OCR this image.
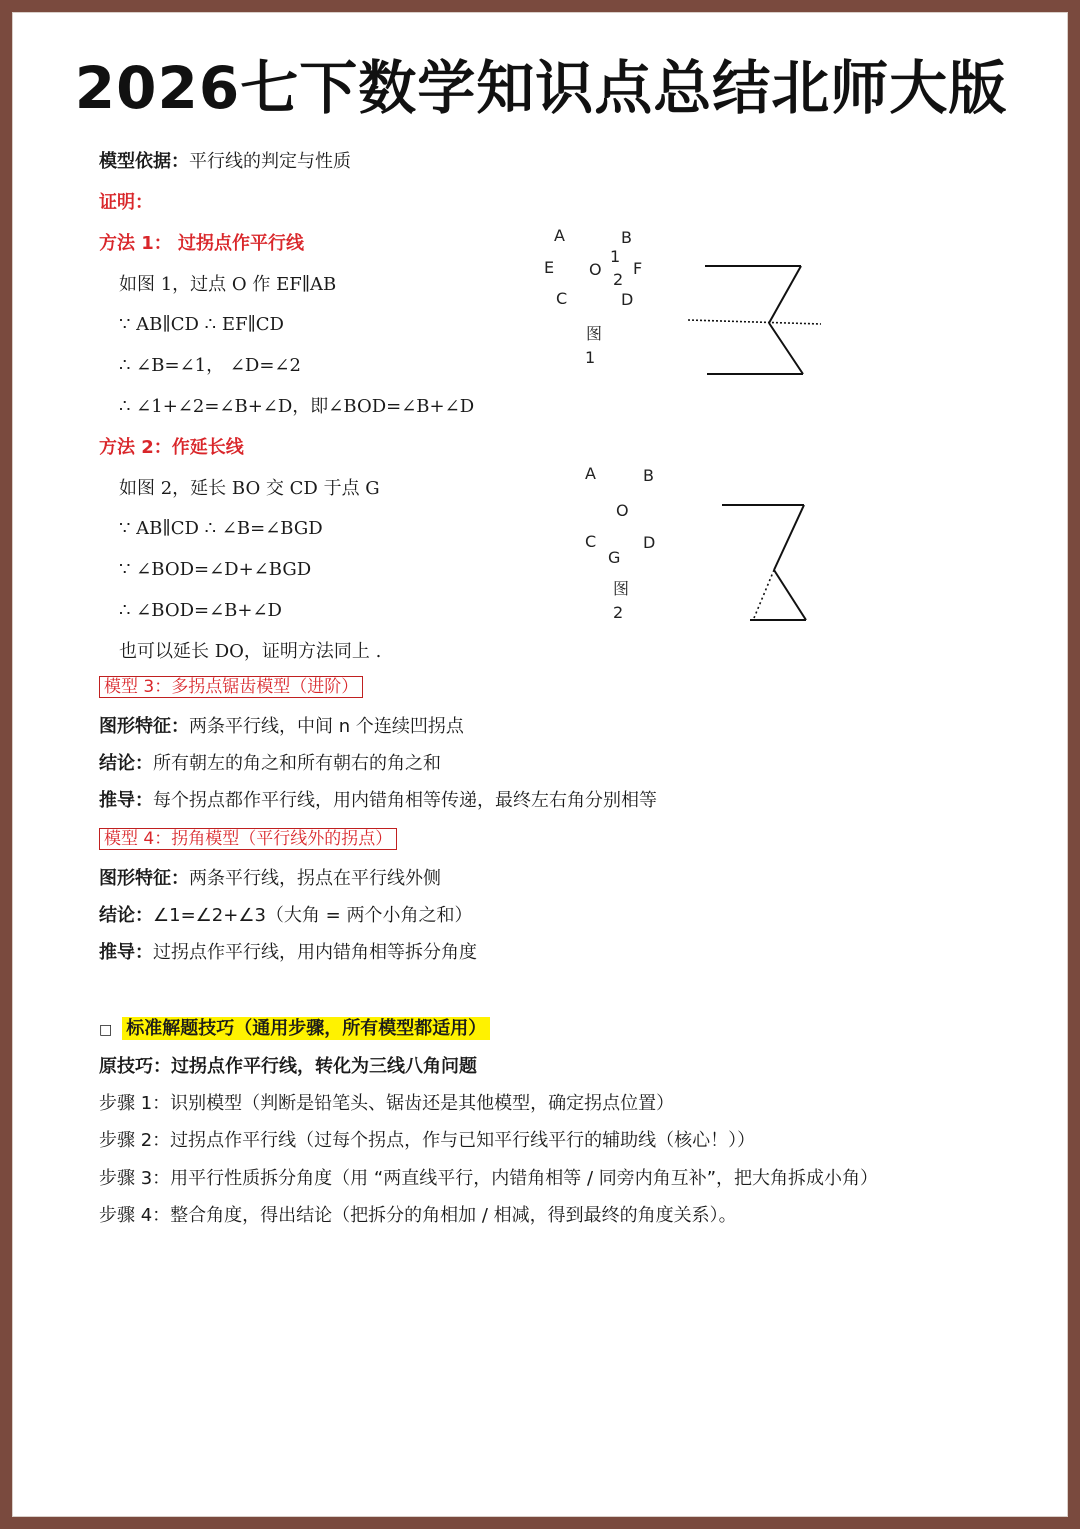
2026七下数学知识点总结北师大版
模型依据：平行线的判定与性质
证明：
方法 1： 过拐点作平行线
如图 1，过点 O 作 EF∥AB
∵ AB∥CD ∴ EF∥CD
∴ ∠B=∠1， ∠D=∠2
∴ ∠1+∠2=∠B+∠D，即∠BOD=∠B+∠D
方法 2：作延长线
如图 2，延长 BO 交 CD 于点 G
∵ AB∥CD ∴ ∠B=∠BGD
∵ ∠BOD=∠D+∠BGD
∴ ∠BOD=∠B+∠D
也可以延长 DO，证明方法同上 .
A	B
E O
1
2
F
C	D
图
1
A	B
O
C	D
G
图
2
模型 3：多拐点锯齿模型（进阶）
图形特征：两条平行线，中间 n 个连续凹拐点
结论：所有朝左的角之和所有朝右的角之和
推导：每个拐点都作平行线，用内错角相等传递，最终左右角分别相等
模型 4：拐角模型（平行线外的拐点）
图形特征：两条平行线，拐点在平行线外侧
结论：∠1=∠2+∠3（大角 = 两个小角之和）
推导：过拐点作平行线，用内错角相等拆分角度
□ 标准解题技巧（通用步骤，所有模型都适用）
原技巧：过拐点作平行线，转化为三线八角问题
步骤 1：识别模型（判断是铅笔头、锯齿还是其他模型，确定拐点位置）
步骤 2：过拐点作平行线（过每个拐点，作与已知平行线平行的辅助线（核心！））
步骤 3：用平行性质拆分角度（用 “两直线平行，内错角相等 / 同旁内角互补”，把大角拆成小角）
步骤 4：整合角度，得出结论（把拆分的角相加 / 相减，得到最终的角度关系）。
